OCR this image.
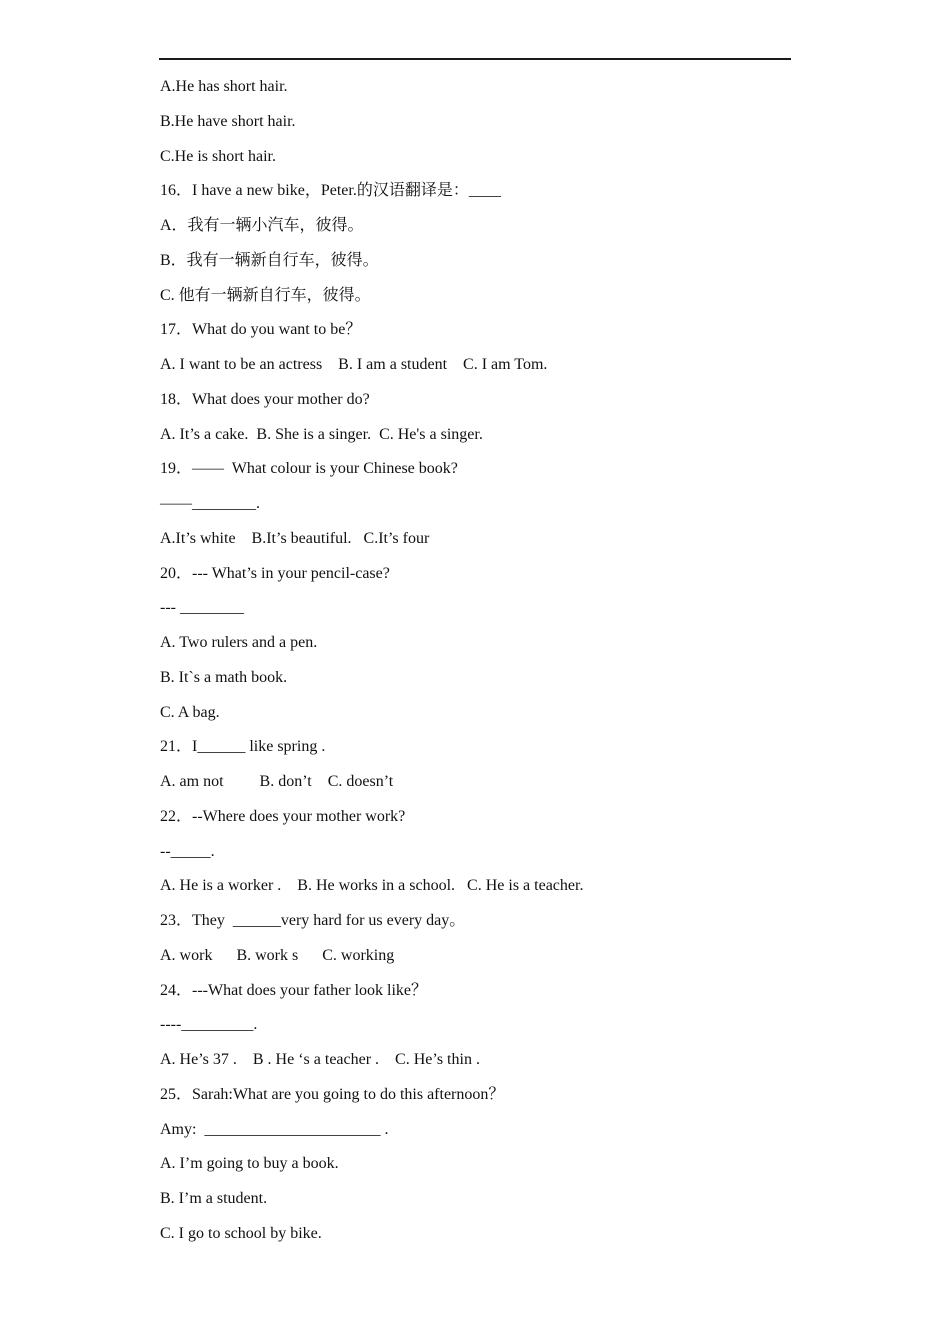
A.He has short hair.
B.He have short hair.
C.He is short hair.
16．I have a new bike，Peter.的汉语翻译是：____
A．我有一辆小汽车，彼得。
B．我有一辆新自行车，彼得。
C. 他有一辆新自行车，彼得。
17．What do you want to be？
A. I want to be an actress    B. I am a student    C. I am Tom.
18．What does your mother do?
A. It’s a cake.  B. She is a singer.  C. He's a singer.
19．——  What colour is your Chinese book?
——________.
A.It’s white    B.It’s beautiful.   C.It’s four
20．--- What’s in your pencil-case?
--- ________
A. Two rulers and a pen.
B. It`s a math book.
C. A bag.
21．I______ like spring .
A. am not         B. don’t    C. doesn’t
22．--Where does your mother work?
--_____.
A. He is a worker .    B. He works in a school.   C. He is a teacher.
23．They  ______very hard for us every day。
A. work      B. work s      C. working
24．---What does your father look like？
----_________.
A. He’s 37 .    B . He ‘s a teacher .    C. He’s thin .
25．Sarah:What are you going to do this afternoon？
Amy:  ______________________ .
A. I’m going to buy a book.
B. I’m a student.
C. I go to school by bike.
